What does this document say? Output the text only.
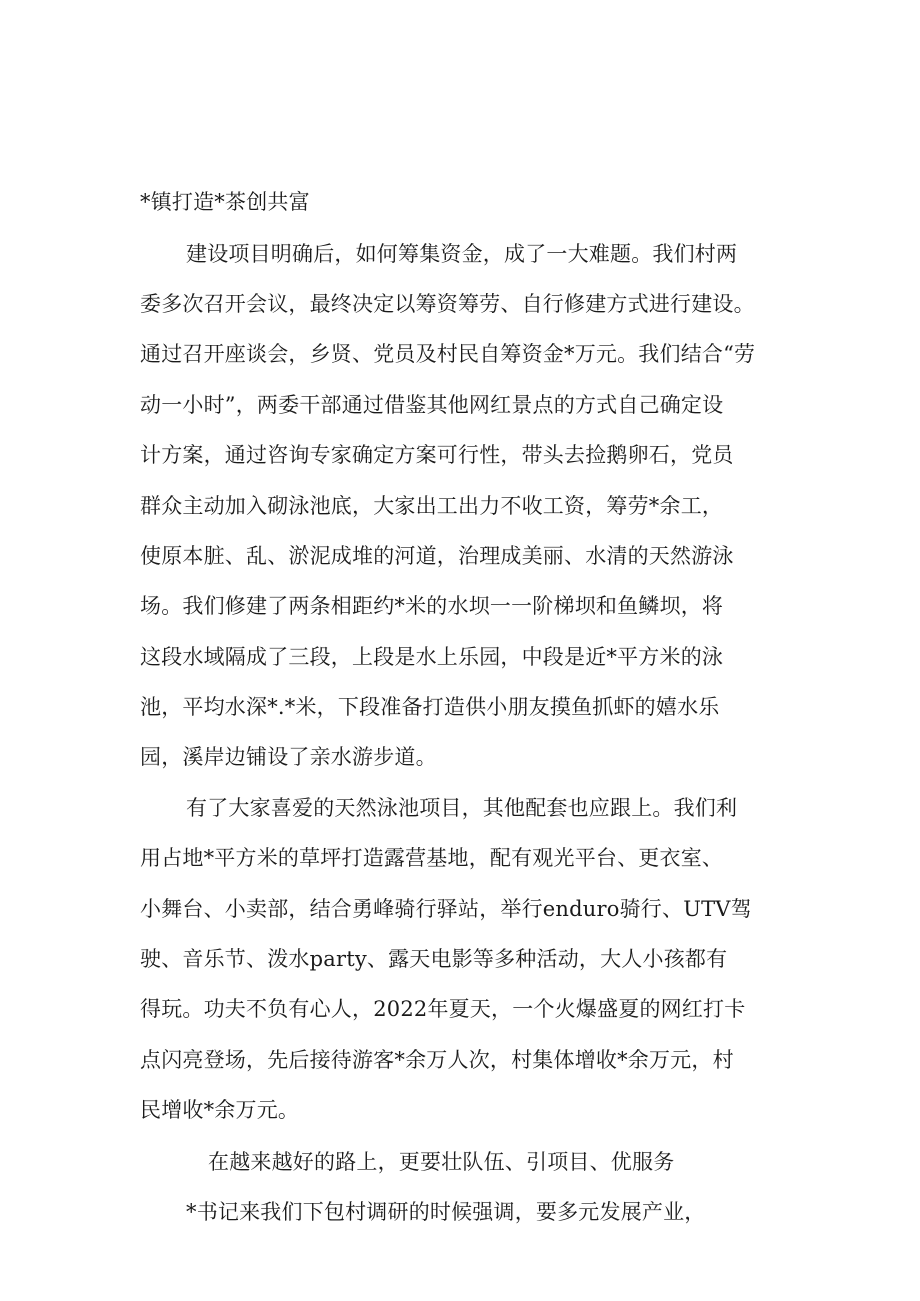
*镇打造*茶创共富
建设项目明确后，如何筹集资金，成了一大难题。我们村两
委多次召开会议，最终决定以筹资筹劳、自行修建方式进行建设。
通过召开座谈会，乡贤、党员及村民自筹资金*万元。我们结合“劳
动一小时”，两委干部通过借鉴其他网红景点的方式自己确定设
计方案，通过咨询专家确定方案可行性，带头去捡鹅卵石，党员
群众主动加入砌泳池底，大家出工出力不收工资，筹劳*余工，
使原本脏、乱、淤泥成堆的河道，治理成美丽、水清的天然游泳
场。我们修建了两条相距约*米的水坝一一阶梯坝和鱼鳞坝，将
这段水域隔成了三段，上段是水上乐园，中段是近*平方米的泳
池，平均水深*.*米，下段准备打造供小朋友摸鱼抓虾的嬉水乐
园，溪岸边铺设了亲水游步道。
有了大家喜爱的天然泳池项目，其他配套也应跟上。我们利
用占地*平方米的草坪打造露营基地，配有观光平台、更衣室、
小舞台、小卖部，结合勇峰骑行驿站，举行enduro骑行、UTV驾
驶、音乐节、泼水party、露天电影等多种活动，大人小孩都有
得玩。功夫不负有心人，2022年夏天，一个火爆盛夏的网红打卡
点闪亮登场，先后接待游客*余万人次，村集体增收*余万元，村
民增收*余万元。
在越来越好的路上，更要壮队伍、引项目、优服务
*书记来我们下包村调研的时候强调，要多元发展产业，
